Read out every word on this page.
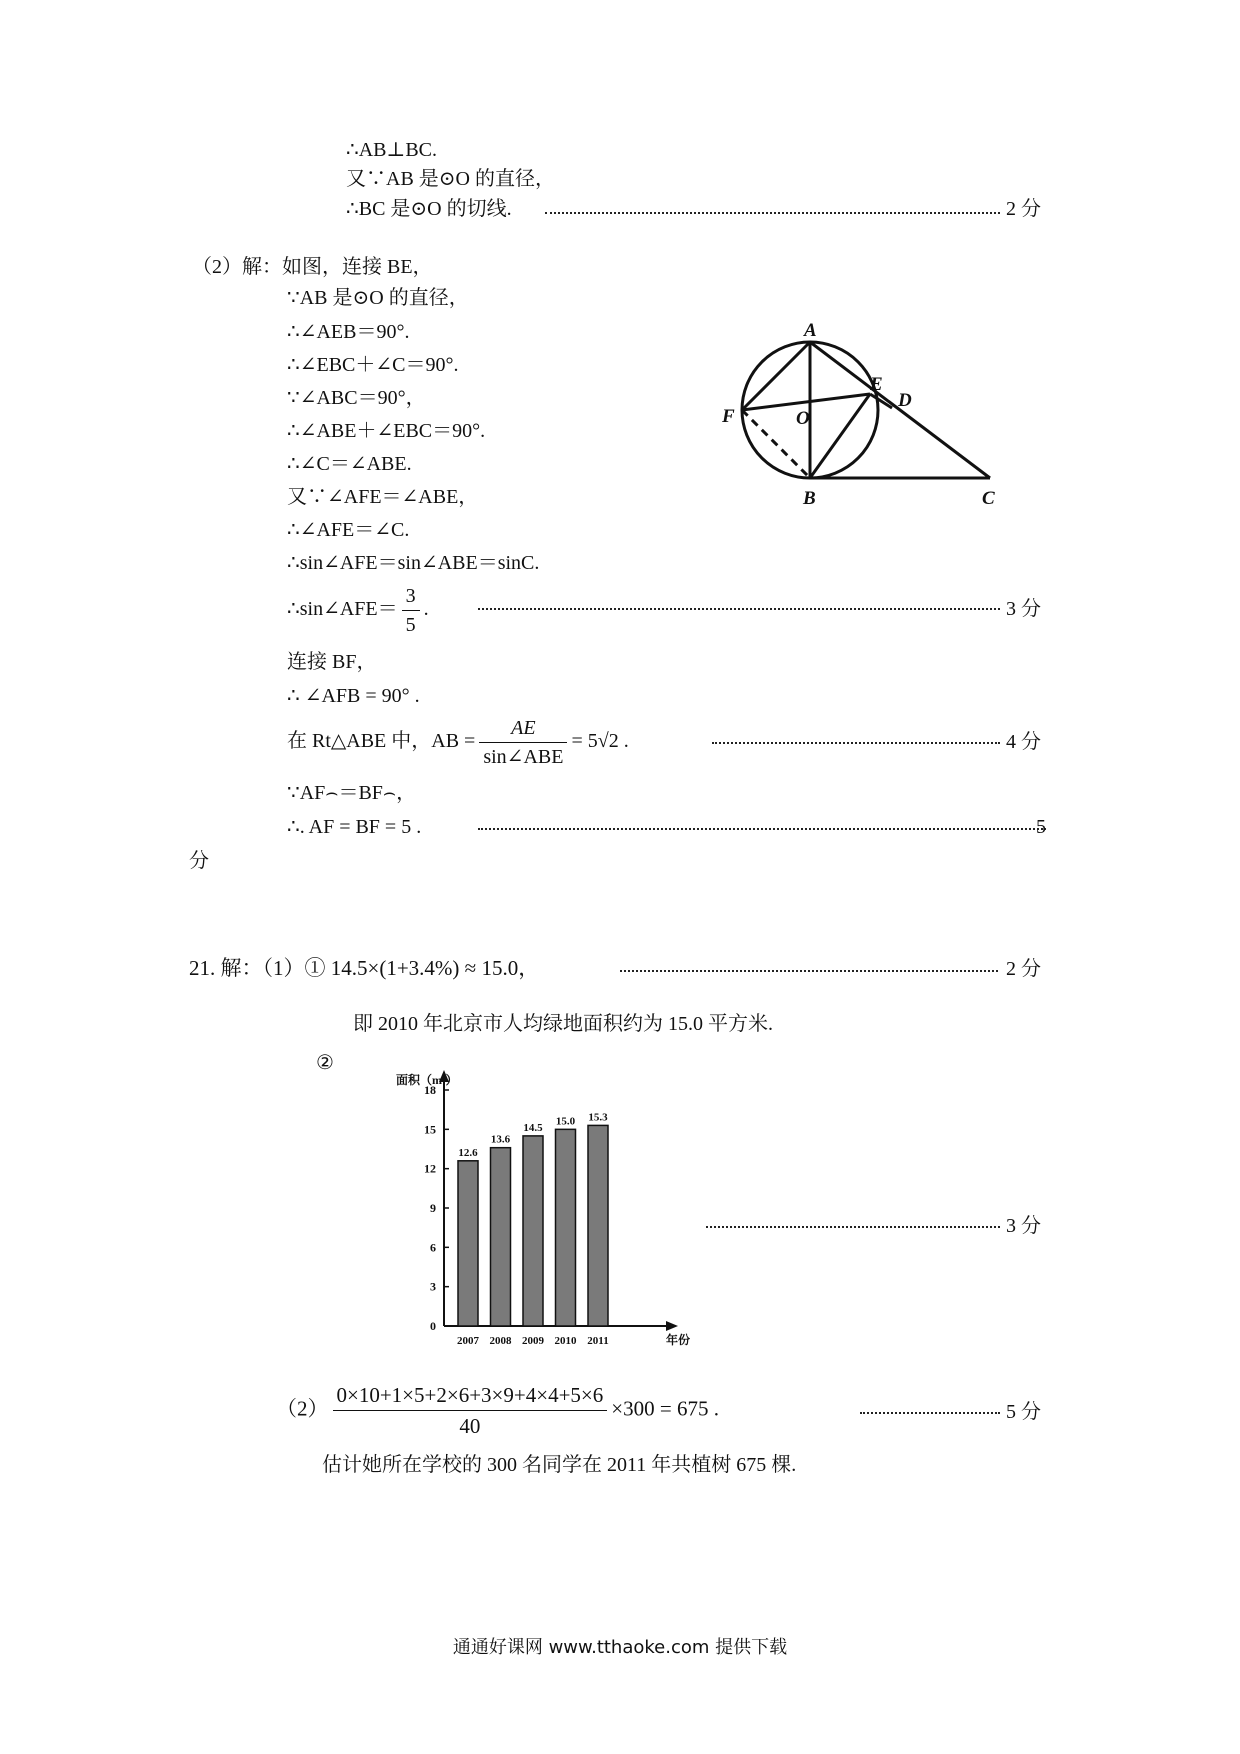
∴AB⊥BC.
又∵AB 是⊙O 的直径，
∴BC 是⊙O 的切线.	2 分
（2）解：如图，连接 BE，
∵AB 是⊙O 的直径，
∴∠AEB＝90°.
∴∠EBC＋∠C＝90°.
∵∠ABC＝90°，
∴∠ABE＋∠EBC＝90°.
∴∠C＝∠ABE.
又∵∠AFE＝∠ABE，
∴∠AFE＝∠C.
∴sin∠AFE＝sin∠ABE＝sinC.
∴sin∠AFE＝ $\frac{3}{5}$ .	3 分
连接 BF，
∴ ∠AFB = 90° .
在 Rt△ABE 中，AB = $\frac{AE}{\text{sin∠ABE}} = 5√2$ .	4 分
∵AF⌢＝BF⌢，
∴. AF = BF = 5 .	5
分
A
B	C
D
E
F	O
21. 解：（1）① 14.5×(1+3.4%) ≈ 15.0，	2 分
即 2010 年北京市人均绿地面积约为 15.0 平方米.
②
0
3
6
9
12
15
18
面积（m²）
年份
12.6
2007
13.6
2008
14.5
2009
15.0
2010
15.3
2011
3 分
$(2) \frac{0\times 10+1\times 5+2\times 6+3\times 9+4\times 4+5\times 6}{40} \times 300 = 675$ .	5 分
估计她所在学校的 300 名同学在 2011 年共植树 675 棵.
通通好课网 www.tthaoke.com 提供下载
